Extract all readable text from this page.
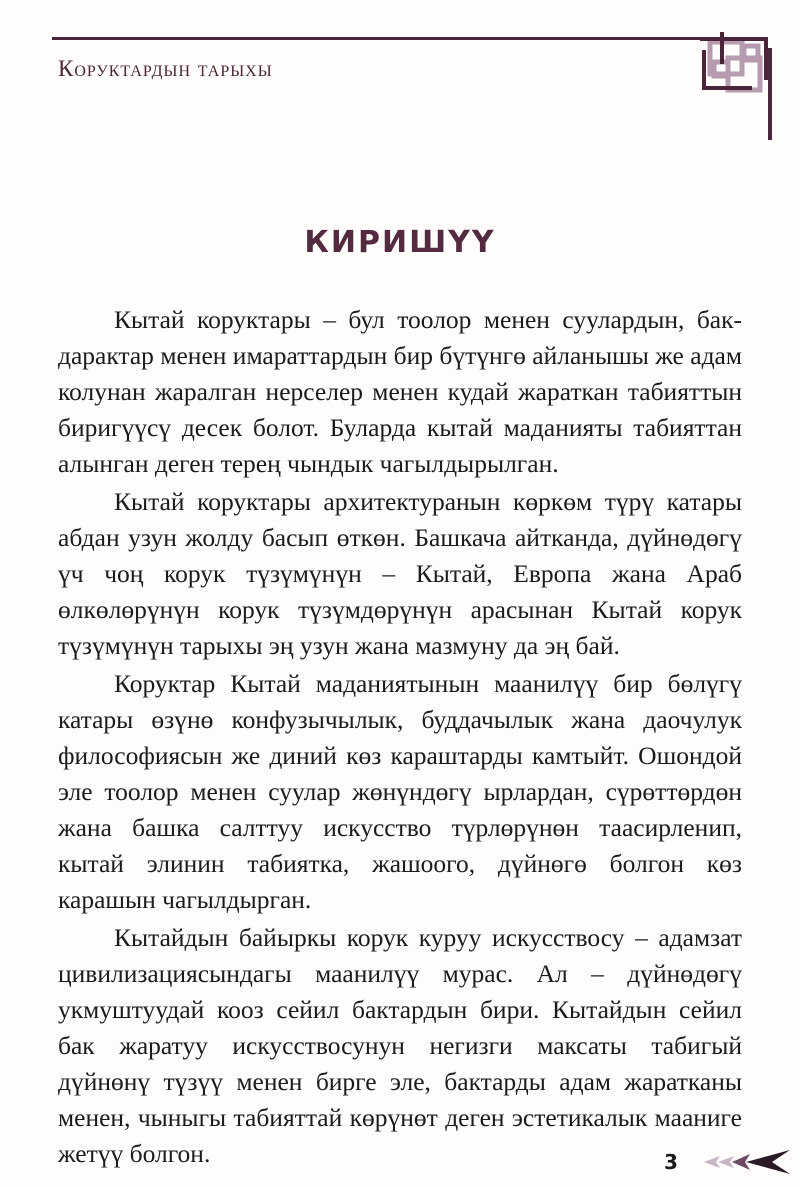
Коруктардын тарыхы
КИРИШҮҮ

Кытай коруктары – бул тоолор менен суулардын, бак-дарактар менен имараттардын бир бүтүнгө айланышы же адам колунан жаралган нерселер менен кудай жараткан табияттын биригүүсү десек болот. Буларда кытай маданияты табияттан алынган деген терең чындык чагылдырылган.

Кытай коруктары архитектуранын көркөм түрү катары абдан узун жолду басып өткөн. Башкача айтканда, дүйнөдөгү үч чоң корук түзүмүнүн – Кытай, Европа жана Араб өлкөлөрүнүн корук түзүмдөрүнүн арасынан Кытай корук түзүмүнүн тарыхы эң узун жана мазмуну да эң бай.

Коруктар Кытай маданиятынын маанилүү бир бөлүгү катары өзүнө конфузычылык, буддачылык жана даочулук философиясын же диний көз караштарды камтыйт. Ошондой эле тоолор менен суулар жөнүндөгү ырлардан, сүрөттөрдөн жана башка салттуу искусство түрлөрүнөн таасирленип, кытай элинин табиятка, жашоого, дүйнөгө болгон көз карашын чагылдырган.

Кытайдын байыркы корук куруу искусствосу – адамзат цивилизациясындагы маанилүү мурас. Ал – дүйнөдөгү укмуштуудай кооз сейил бактардын бири. Кытайдын сейил бак жаратуу искусствосунун негизги максаты табигый дүйнөнү түзүү менен бирге эле, бактарды адам жаратканы менен, чыныгы табияттай көрүнөт деген эстетикалык мааниге жетүү болгон.	3
